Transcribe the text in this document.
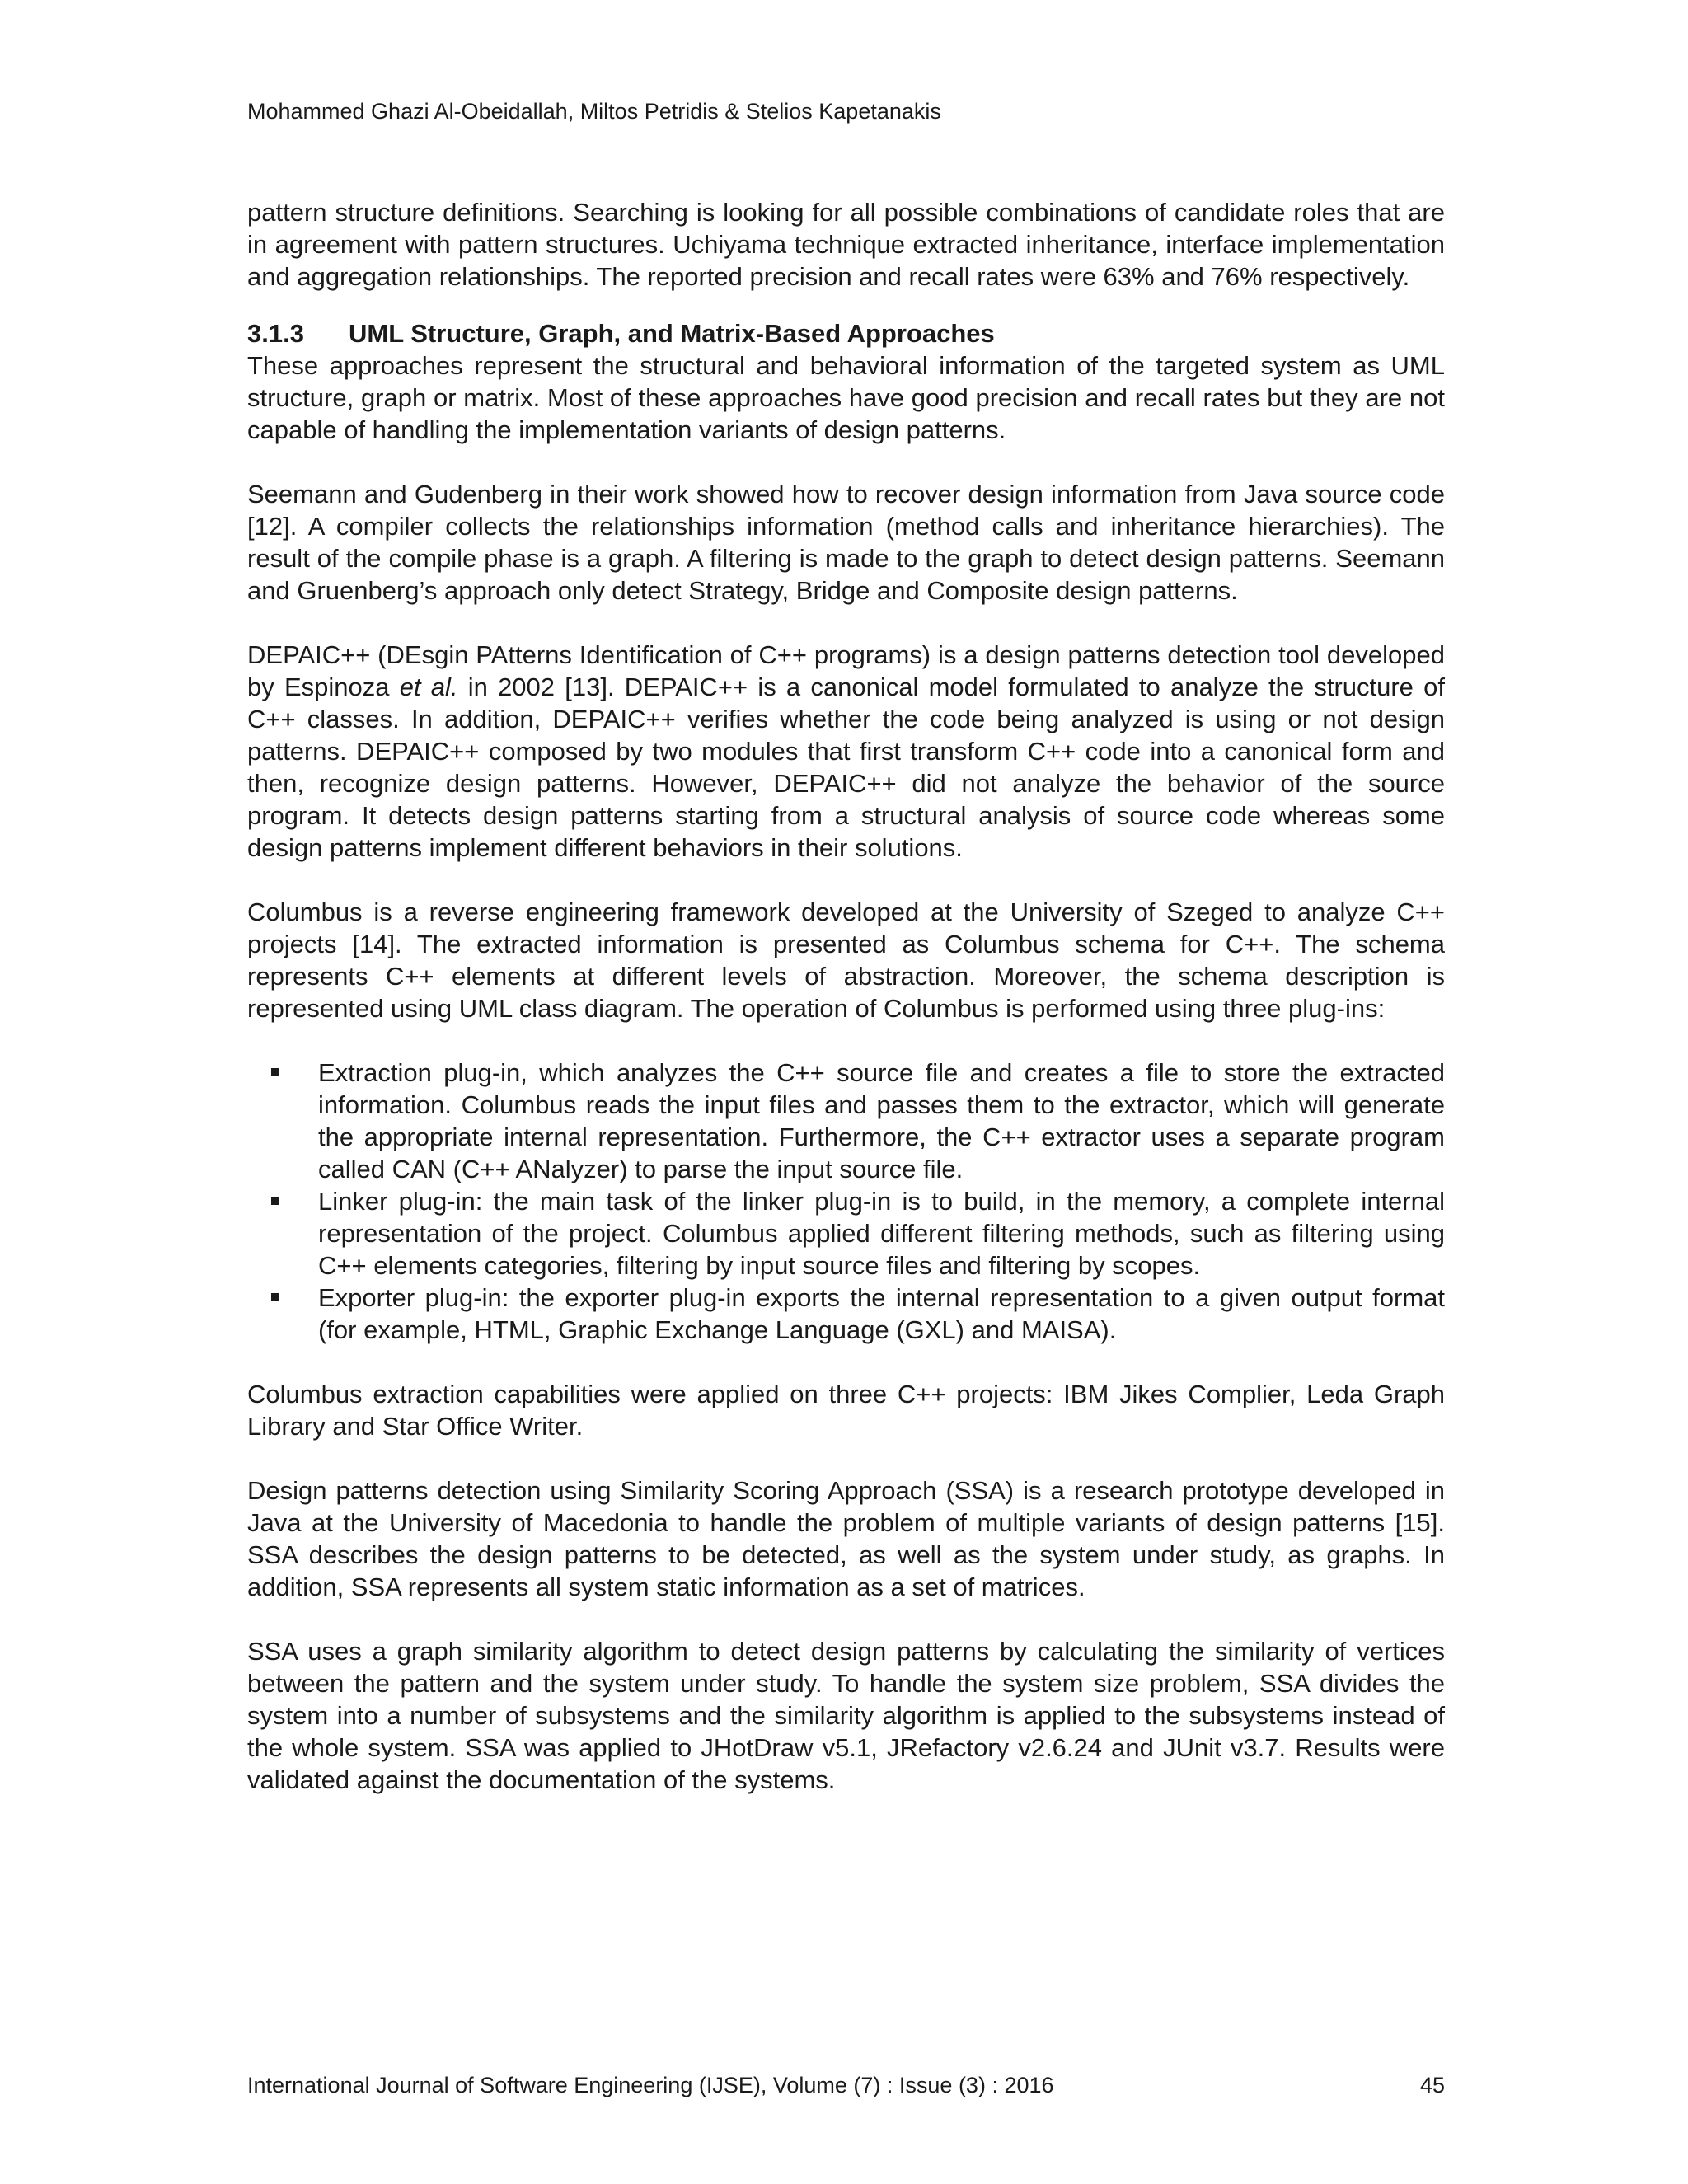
Mohammed Ghazi Al-Obeidallah, Miltos Petridis & Stelios Kapetanakis

pattern structure definitions. Searching is looking for all possible combinations of candidate roles that are in agreement with pattern structures. Uchiyama technique extracted inheritance, interface implementation and aggregation relationships. The reported precision and recall rates were 63% and 76% respectively.

3.1.3 UML Structure, Graph, and Matrix-Based Approaches

These approaches represent the structural and behavioral information of the targeted system as UML structure, graph or matrix. Most of these approaches have good precision and recall rates but they are not capable of handling the implementation variants of design patterns.

Seemann and Gudenberg in their work showed how to recover design information from Java source code [12]. A compiler collects the relationships information (method calls and inheritance hierarchies). The result of the compile phase is a graph. A filtering is made to the graph to detect design patterns. Seemann and Gruenberg’s approach only detect Strategy, Bridge and Composite design patterns.

DEPAIC++ (DEsgin PAtterns Identification of C++ programs) is a design patterns detection tool developed by Espinoza et al. in 2002 [13]. DEPAIC++ is a canonical model formulated to analyze the structure of C++ classes. In addition, DEPAIC++ verifies whether the code being analyzed is using or not design patterns. DEPAIC++ composed by two modules that first transform C++ code into a canonical form and then, recognize design patterns. However, DEPAIC++ did not analyze the behavior of the source program. It detects design patterns starting from a structural analysis of source code whereas some design patterns implement different behaviors in their solutions.

Columbus is a reverse engineering framework developed at the University of Szeged to analyze C++ projects [14]. The extracted information is presented as Columbus schema for C++. The schema represents C++ elements at different levels of abstraction. Moreover, the schema description is represented using UML class diagram. The operation of Columbus is performed using three plug-ins:

Extraction plug-in, which analyzes the C++ source file and creates a file to store the extracted information. Columbus reads the input files and passes them to the extractor, which will generate the appropriate internal representation. Furthermore, the C++ extractor uses a separate program called CAN (C++ ANalyzer) to parse the input source file.
Linker plug-in: the main task of the linker plug-in is to build, in the memory, a complete internal representation of the project. Columbus applied different filtering methods, such as filtering using C++ elements categories, filtering by input source files and filtering by scopes.
Exporter plug-in: the exporter plug-in exports the internal representation to a given output format (for example, HTML, Graphic Exchange Language (GXL) and MAISA).

Columbus extraction capabilities were applied on three C++ projects: IBM Jikes Complier, Leda Graph Library and Star Office Writer.

Design patterns detection using Similarity Scoring Approach (SSA) is a research prototype developed in Java at the University of Macedonia to handle the problem of multiple variants of design patterns [15]. SSA describes the design patterns to be detected, as well as the system under study, as graphs. In addition, SSA represents all system static information as a set of matrices.

SSA uses a graph similarity algorithm to detect design patterns by calculating the similarity of vertices between the pattern and the system under study. To handle the system size problem, SSA divides the system into a number of subsystems and the similarity algorithm is applied to the subsystems instead of the whole system. SSA was applied to JHotDraw v5.1, JRefactory v2.6.24 and JUnit v3.7. Results were validated against the documentation of the systems.

International Journal of Software Engineering (IJSE), Volume (7) : Issue (3) : 2016	45
